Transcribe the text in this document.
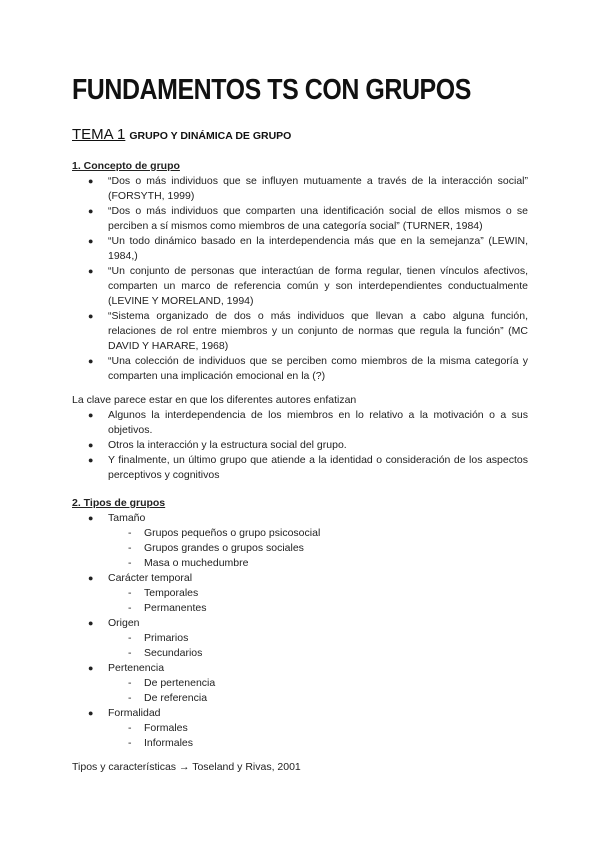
FUNDAMENTOS TS CON GRUPOS
TEMA 1 GRUPO Y DINÁMICA DE GRUPO
1. Concepto de grupo
● “Dos o más individuos que se influyen mutuamente a través de la interacción social” (FORSYTH, 1999)
● “Dos o más individuos que comparten una identificación social de ellos mismos o se perciben a sí mismos como miembros de una categoría social” (TURNER, 1984)
● “Un todo dinámico basado en la interdependencia más que en la semejanza” (LEWIN, 1984,)
● “Un conjunto de personas que interactúan de forma regular, tienen vínculos afectivos, comparten un marco de referencia común y son interdependientes conductualmente (LEVINE Y MORELAND, 1994)
● “Sistema organizado de dos o más individuos que llevan a cabo alguna función, relaciones de rol entre miembros y un conjunto de normas que regula la función” (MC DAVID Y HARARE, 1968)
● “Una colección de individuos que se perciben como miembros de la misma categoría y comparten una implicación emocional en la (?)
La clave parece estar en que los diferentes autores enfatizan
● Algunos la interdependencia de los miembros en lo relativo a la motivación o a sus objetivos.
● Otros la interacción y la estructura social del grupo.
● Y finalmente, un último grupo que atiende a la identidad o consideración de los aspectos perceptivos y cognitivos
2. Tipos de grupos
● Tamaño
- Grupos pequeños o grupo psicosocial
- Grupos grandes o grupos sociales
- Masa o muchedumbre
● Carácter temporal
- Temporales
- Permanentes
● Origen
- Primarios
- Secundarios
● Pertenencia
- De pertenencia
- De referencia
● Formalidad
- Formales
- Informales
Tipos y características → Toseland y Rivas, 2001
